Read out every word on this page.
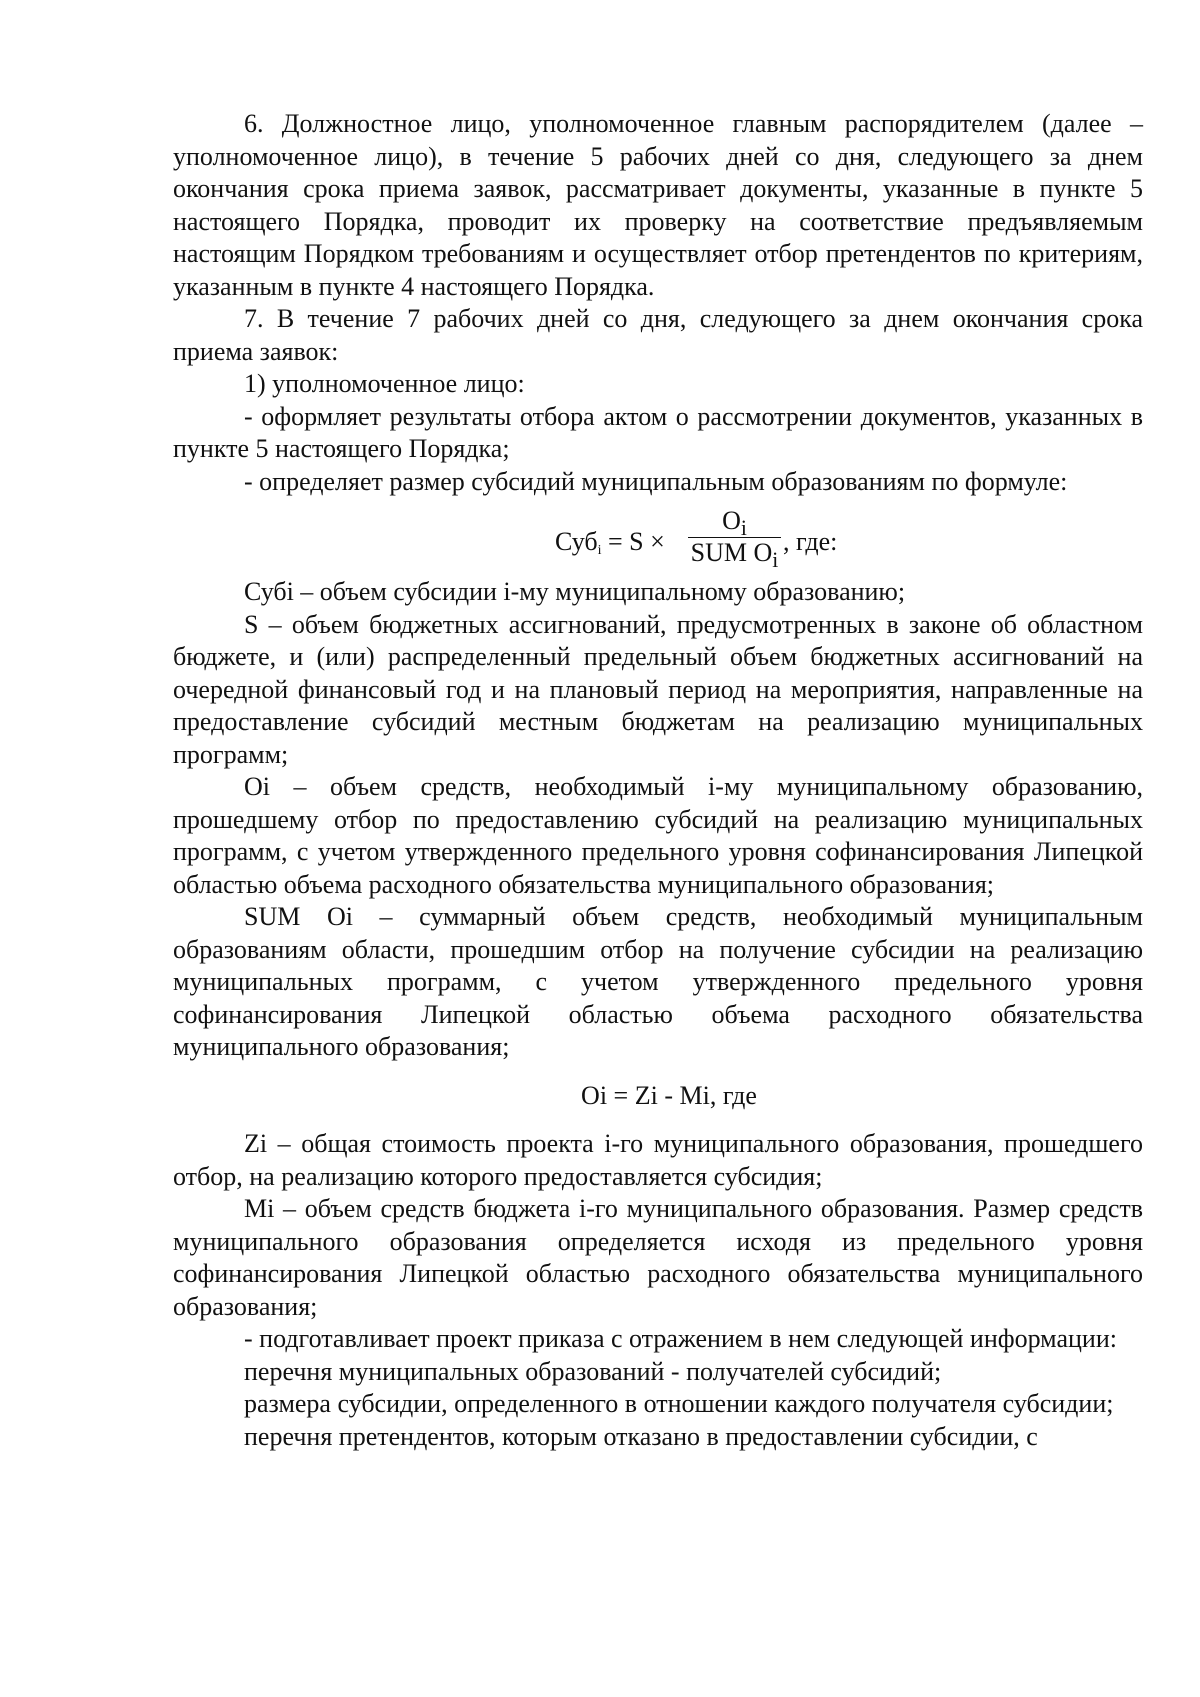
6. Должностное лицо, уполномоченное главным распорядителем (далее – уполномоченное лицо), в течение 5 рабочих дней со дня, следующего за днем окончания срока приема заявок, рассматривает документы, указанные в пункте 5 настоящего Порядка, проводит их проверку на соответствие предъявляемым настоящим Порядком требованиям и осуществляет отбор претендентов по критериям, указанным в пункте 4 настоящего Порядка.

7. В течение 7 рабочих дней со дня, следующего за днем окончания срока приема заявок:

1) уполномоченное лицо:

- оформляет результаты отбора актом о рассмотрении документов, указанных в пункте 5 настоящего Порядка;

- определяет размер субсидий муниципальным образованиям по формуле:

Суб$_i$ = S ×
$O_i$
SUM $O_i$
, где:

Субi – объем субсидии i-му муниципальному образованию;

S – объем бюджетных ассигнований, предусмотренных в законе об областном бюджете, и (или) распределенный предельный объем бюджетных ассигнований на очередной финансовый год и на плановый период на мероприятия, направленные на предоставление субсидий местным бюджетам на реализацию муниципальных программ;

Oi – объем средств, необходимый i-му муниципальному образованию, прошедшему отбор по предоставлению субсидий на реализацию муниципальных программ, с учетом утвержденного предельного уровня софинансирования Липецкой областью объема расходного обязательства муниципального образования;

SUM Oi – суммарный объем средств, необходимый муниципальным образованиям области, прошедшим отбор на получение субсидии на реализацию муниципальных программ, с учетом утвержденного предельного уровня софинансирования Липецкой областью объема расходного обязательства муниципального образования;

Oi = Zi - Mi, где

Zi – общая стоимость проекта i-го муниципального образования, прошедшего отбор, на реализацию которого предоставляется субсидия;

Mi – объем средств бюджета i-го муниципального образования. Размер средств муниципального образования определяется исходя из предельного уровня софинансирования Липецкой областью расходного обязательства муниципального образования;

- подготавливает проект приказа с отражением в нем следующей информации:

перечня муниципальных образований - получателей субсидий;

размера субсидии, определенного в отношении каждого получателя субсидии;

перечня претендентов, которым отказано в предоставлении субсидии, с
